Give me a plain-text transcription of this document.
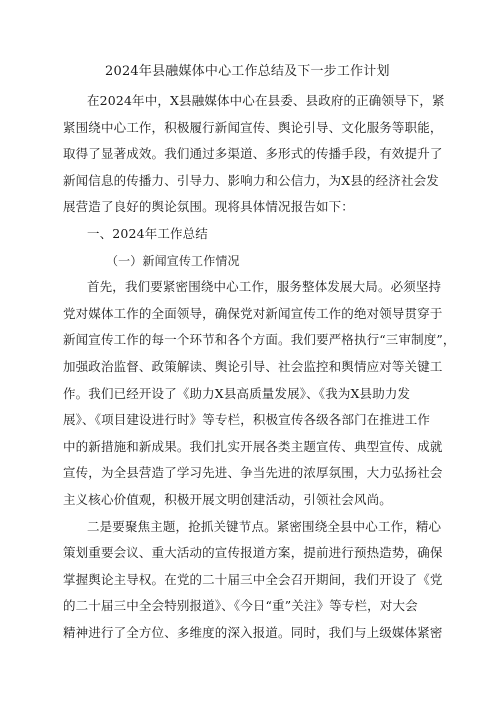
2024年县融媒体中心工作总结及下一步工作计划
在2024年中，X县融媒体中心在县委、县政府的正确领导下，紧
紧围绕中心工作，积极履行新闻宣传、舆论引导、文化服务等职能，
取得了显著成效。我们通过多渠道、多形式的传播手段，有效提升了
新闻信息的传播力、引导力、影响力和公信力，为X县的经济社会发
展营造了良好的舆论氛围。现将具体情况报告如下：
一、2024年工作总结
（一）新闻宣传工作情况
首先，我们要紧密围绕中心工作，服务整体发展大局。必须坚持
党对媒体工作的全面领导，确保党对新闻宣传工作的绝对领导贯穿于
新闻宣传工作的每一个环节和各个方面。我们要严格执行“三审制度”，
加强政治监督、政策解读、舆论引导、社会监控和舆情应对等关键工
作。我们已经开设了《助力X县高质量发展》、《我为X县助力发
展》、《项目建设进行时》等专栏，积极宣传各级各部门在推进工作
中的新措施和新成果。我们扎实开展各类主题宣传、典型宣传、成就
宣传，为全县营造了学习先进、争当先进的浓厚氛围，大力弘扬社会
主义核心价值观，积极开展文明创建活动，引领社会风尚。
二是要聚焦主题，抢抓关键节点。紧密围绕全县中心工作，精心
策划重要会议、重大活动的宣传报道方案，提前进行预热造势，确保
掌握舆论主导权。在党的二十届三中全会召开期间，我们开设了《党
的二十届三中全会特别报道》、《今日“重”关注》等专栏，对大会
精神进行了全方位、多维度的深入报道。同时，我们与上级媒体紧密
